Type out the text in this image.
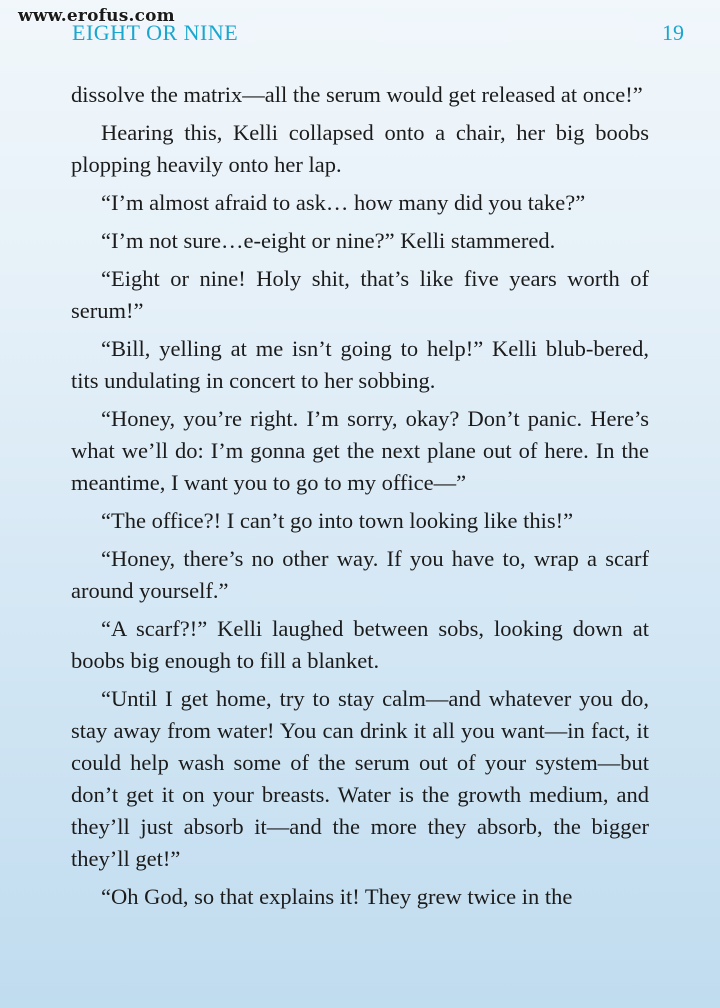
www.erofus.com
EIGHT OR NINE	19

dissolve the matrix—all the serum would get released at once!”

Hearing this, Kelli collapsed onto a chair, her big boobs plopping heavily onto her lap.

“I’m almost afraid to ask… how many did you take?”

“I’m not sure…e-eight or nine?” Kelli stammered.

“Eight or nine! Holy shit, that’s like five years worth of serum!”

“Bill, yelling at me isn’t going to help!” Kelli blub-bered, tits undulating in concert to her sobbing.

“Honey, you’re right. I’m sorry, okay? Don’t panic. Here’s what we’ll do: I’m gonna get the next plane out of here. In the meantime, I want you to go to my office—”

“The office?! I can’t go into town looking like this!”

“Honey, there’s no other way. If you have to, wrap a scarf around yourself.”

“A scarf?!” Kelli laughed between sobs, looking down at boobs big enough to fill a blanket.

“Until I get home, try to stay calm—and whatever you do, stay away from water! You can drink it all you want—in fact, it could help wash some of the serum out of your system—but don’t get it on your breasts. Water is the growth medium, and they’ll just absorb it—and the more they absorb, the bigger they’ll get!”

“Oh God, so that explains it! They grew twice in the
